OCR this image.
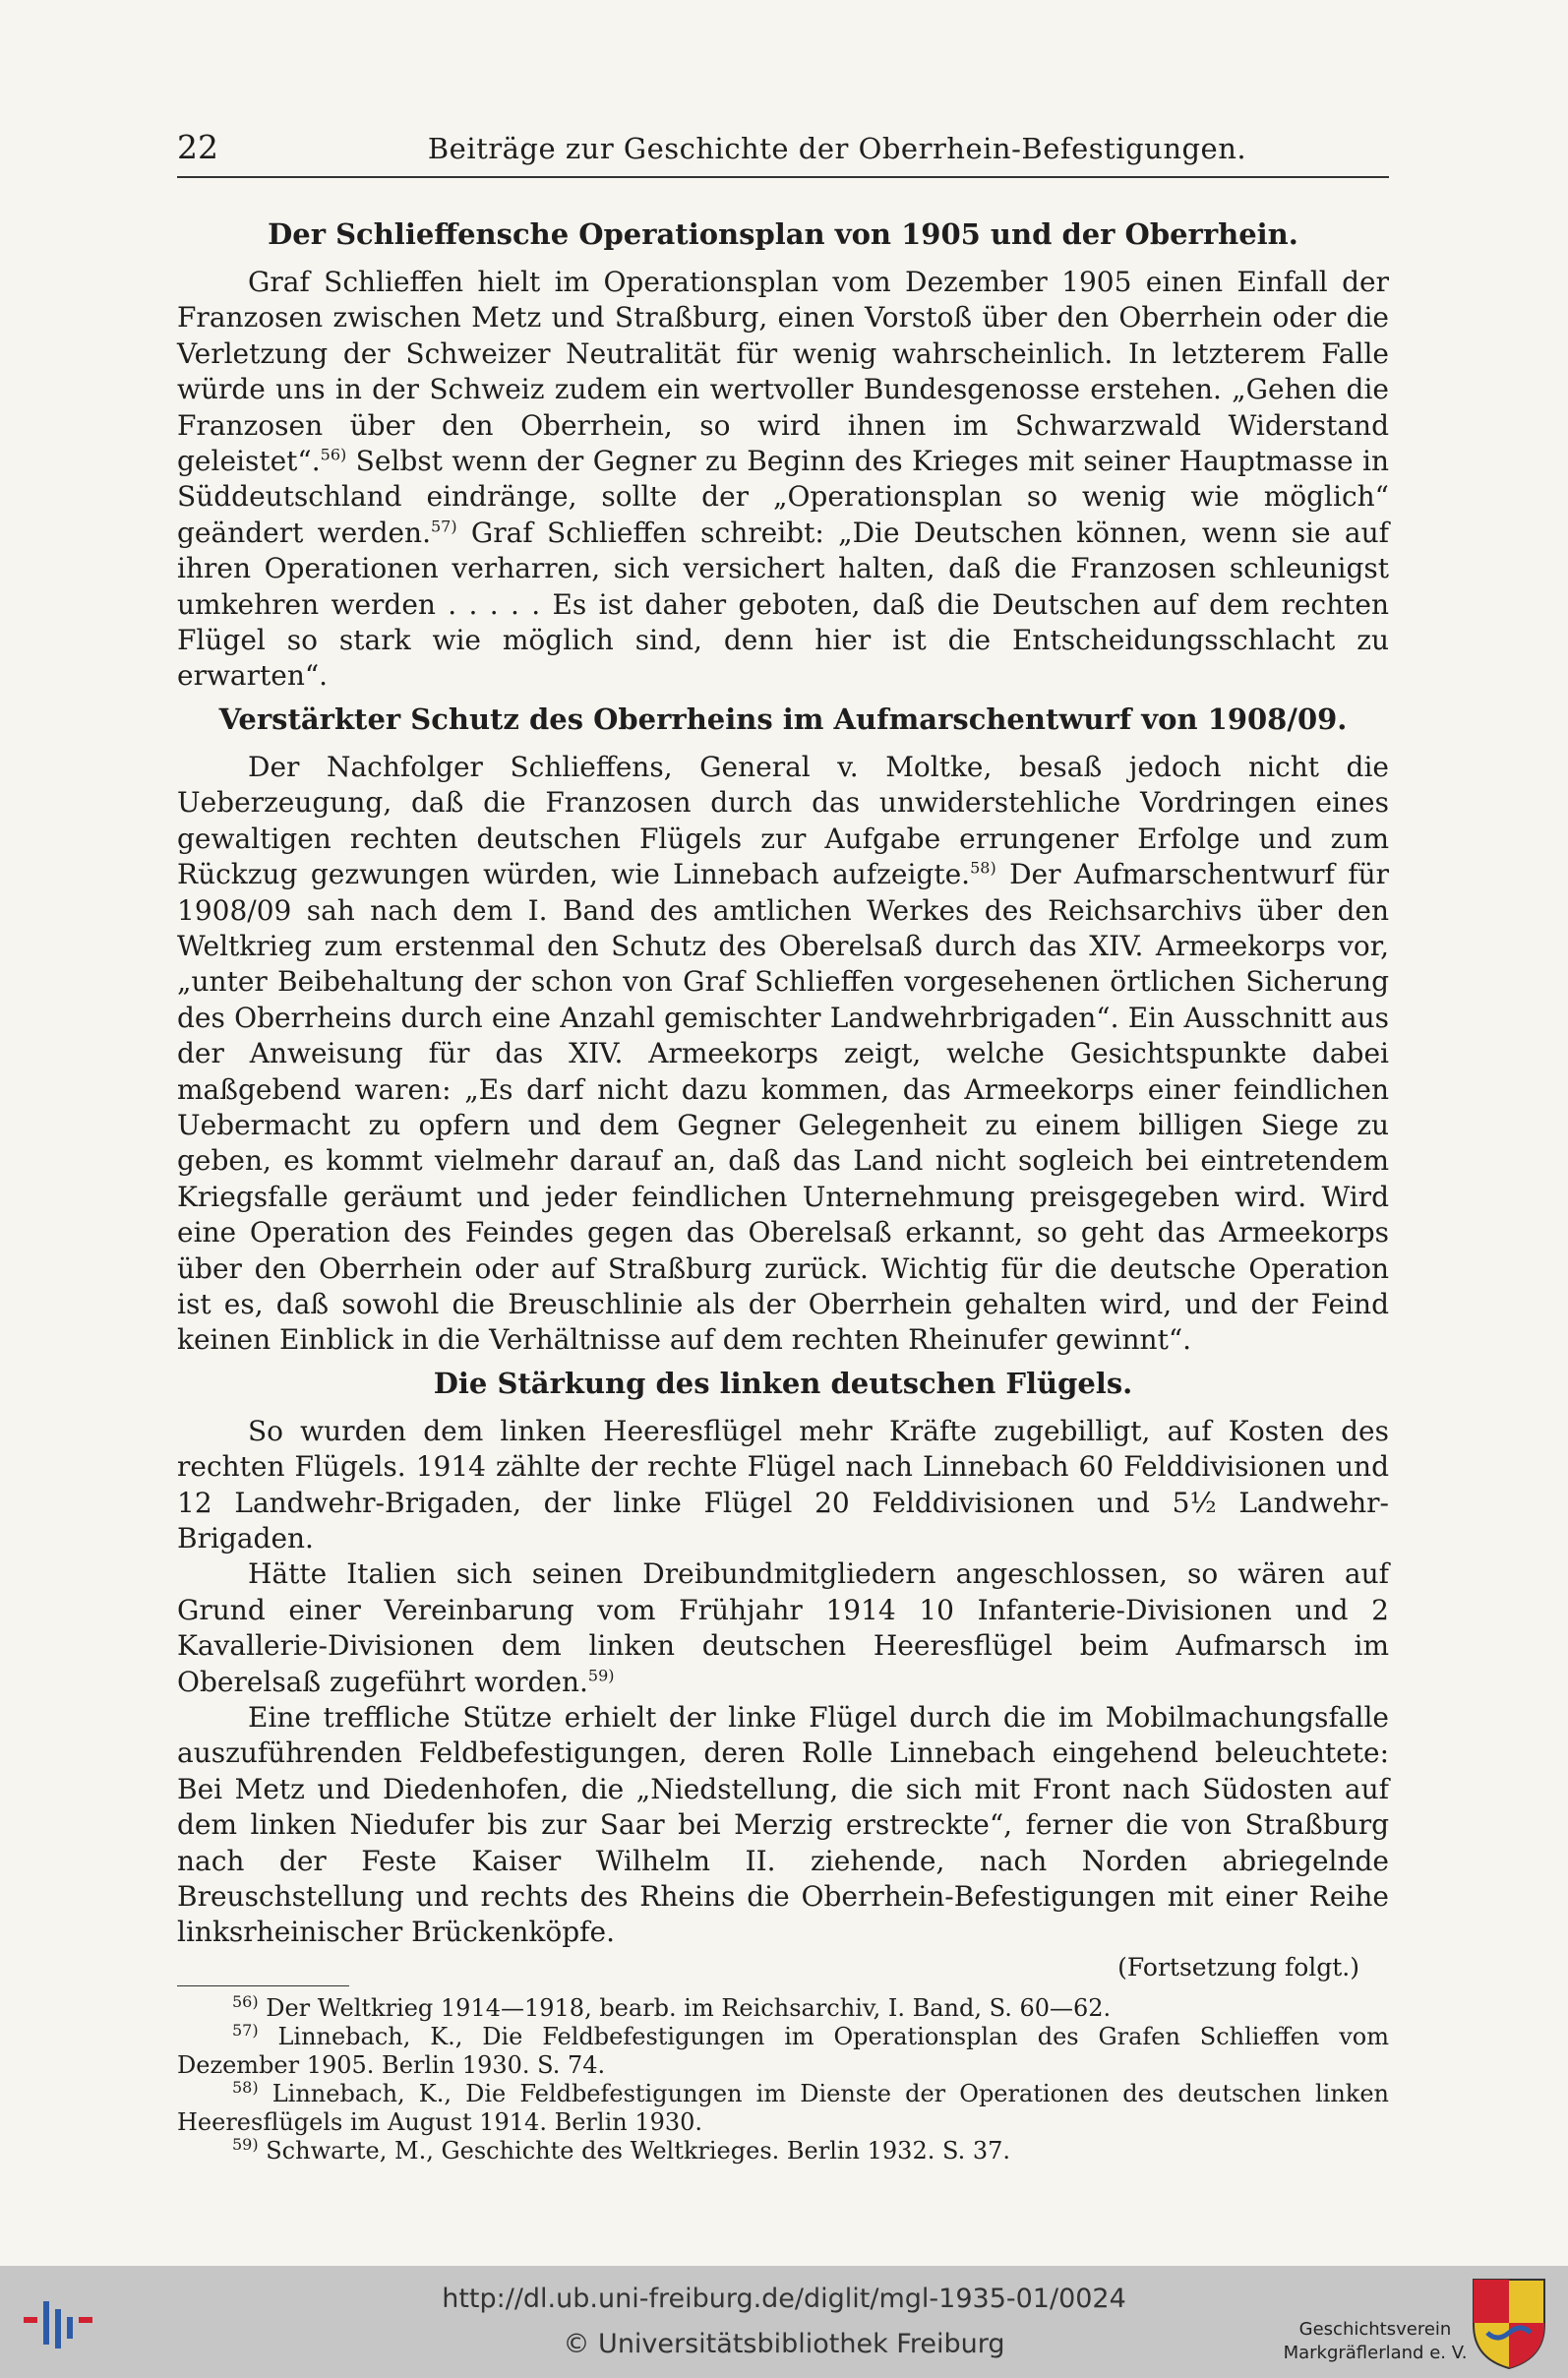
22	Beiträge zur Geschichte der Oberrhein-Befestigungen.
Der Schlieffensche Operationsplan von 1905 und der Oberrhein.

Graf Schlieffen hielt im Operationsplan vom Dezember 1905 einen Einfall der Franzosen zwischen Metz und Straßburg, einen Vorstoß über den Oberrhein oder die Verletzung der Schweizer Neutralität für wenig wahrscheinlich. In letzterem Falle würde uns in der Schweiz zudem ein wertvoller Bundesgenosse erstehen. „Gehen die Franzosen über den Oberrhein, so wird ihnen im Schwarzwald Widerstand geleistet“.$^{56)}$ Selbst wenn der Gegner zu Beginn des Krieges mit seiner Hauptmasse in Süddeutschland eindränge, sollte der „Operationsplan so wenig wie möglich“ geändert werden.$^{57)}$ Graf Schlieffen schreibt: „Die Deutschen können, wenn sie auf ihren Operationen verharren, sich versichert halten, daß die Franzosen schleunigst umkehren werden . . . . . Es ist daher geboten, daß die Deutschen auf dem rechten Flügel so stark wie möglich sind, denn hier ist die Entscheidungsschlacht zu erwarten“.

Verstärkter Schutz des Oberrheins im Aufmarschentwurf von 1908/09.

Der Nachfolger Schlieffens, General v. Moltke, besaß jedoch nicht die Ueberzeugung, daß die Franzosen durch das unwiderstehliche Vordringen eines gewaltigen rechten deutschen Flügels zur Aufgabe errungener Erfolge und zum Rückzug gezwungen würden, wie Linnebach aufzeigte.$^{58)}$ Der Aufmarschentwurf für 1908/09 sah nach dem I. Band des amtlichen Werkes des Reichsarchivs über den Weltkrieg zum erstenmal den Schutz des Oberelsaß durch das XIV. Armeekorps vor, „unter Beibehaltung der schon von Graf Schlieffen vorgesehenen örtlichen Sicherung des Oberrheins durch eine Anzahl gemischter Landwehrbrigaden“. Ein Ausschnitt aus der Anweisung für das XIV. Armeekorps zeigt, welche Gesichtspunkte dabei maßgebend waren: „Es darf nicht dazu kommen, das Armeekorps einer feindlichen Uebermacht zu opfern und dem Gegner Gelegenheit zu einem billigen Siege zu geben, es kommt vielmehr darauf an, daß das Land nicht sogleich bei eintretendem Kriegsfalle geräumt und jeder feindlichen Unternehmung preisgegeben wird. Wird eine Operation des Feindes gegen das Oberelsaß erkannt, so geht das Armeekorps über den Oberrhein oder auf Straßburg zurück. Wichtig für die deutsche Operation ist es, daß sowohl die Breuschlinie als der Oberrhein gehalten wird, und der Feind keinen Einblick in die Verhältnisse auf dem rechten Rheinufer gewinnt“.

Die Stärkung des linken deutschen Flügels.

So wurden dem linken Heeresflügel mehr Kräfte zugebilligt, auf Kosten des rechten Flügels. 1914 zählte der rechte Flügel nach Linnebach 60 Felddivisionen und 12 Landwehr-Brigaden, der linke Flügel 20 Felddivisionen und 5½ Landwehr-Brigaden.

Hätte Italien sich seinen Dreibundmitgliedern angeschlossen, so wären auf Grund einer Vereinbarung vom Frühjahr 1914 10 Infanterie-Divisionen und 2 Kavallerie-Divisionen dem linken deutschen Heeresflügel beim Aufmarsch im Oberelsaß zugeführt worden.$^{59)}$

Eine treffliche Stütze erhielt der linke Flügel durch die im Mobilmachungsfalle auszuführenden Feldbefestigungen, deren Rolle Linnebach eingehend beleuchtete: Bei Metz und Diedenhofen, die „Niedstellung, die sich mit Front nach Südosten auf dem linken Niedufer bis zur Saar bei Merzig erstreckte“, ferner die von Straßburg nach der Feste Kaiser Wilhelm II. ziehende, nach Norden abriegelnde Breuschstellung und rechts des Rheins die Oberrhein-Befestigungen mit einer Reihe linksrheinischer Brückenköpfe.

(Fortsetzung folgt.)

$^{56)}$ Der Weltkrieg 1914—1918, bearb. im Reichsarchiv, I. Band, S. 60—62.

$^{57)}$ Linnebach, K., Die Feldbefestigungen im Operationsplan des Grafen Schlieffen vom Dezember 1905. Berlin 1930. S. 74.

$^{58)}$ Linnebach, K., Die Feldbefestigungen im Dienste der Operationen des deutschen linken Heeresflügels im August 1914. Berlin 1930.

$^{59)}$ Schwarte, M., Geschichte des Weltkrieges. Berlin 1932. S. 37.

http://dl.ub.uni-freiburg.de/diglit/mgl-1935-01/0024
© Universitätsbibliothek Freiburg	Geschichtsverein
Markgräflerland e. V.
